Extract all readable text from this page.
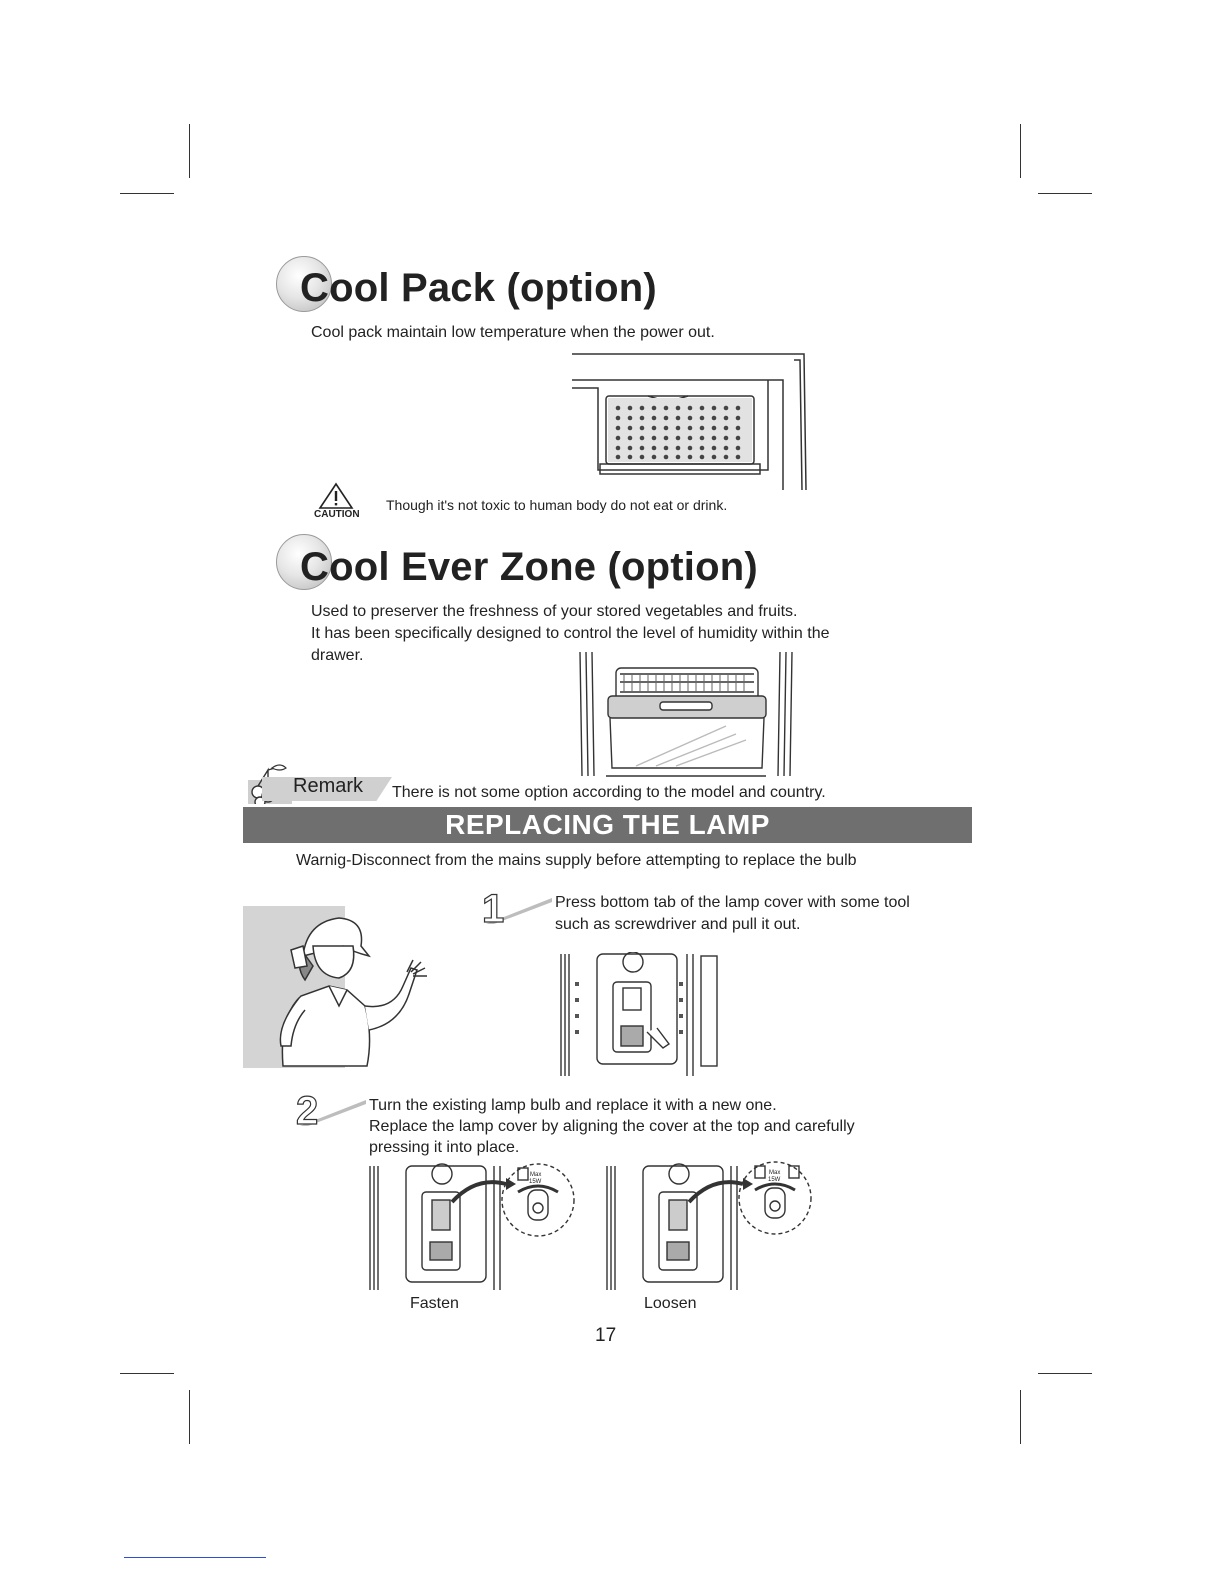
Cool Pack (option)
Cool pack maintain low temperature when the power out.
CAUTION
Though it's not toxic to human body do not eat or drink.
Cool Ever Zone (option)
Used to preserver the freshness of your stored vegetables and fruits.
It has been specifically designed to control the level of humidity within the
drawer.
Remark There is not some option according to the model and country.
REPLACING THE LAMP
Warnig-Disconnect from the mains supply before attempting to replace the bulb
1	Press bottom tab of the lamp cover with some tool
such as screwdriver and pull it out.
2	Turn the existing lamp bulb and replace it with a new one.
Replace the lamp cover by aligning the cover at the top and carefully
pressing it into place.
Max
15W
Fasten
Max
15W
Loosen
17
